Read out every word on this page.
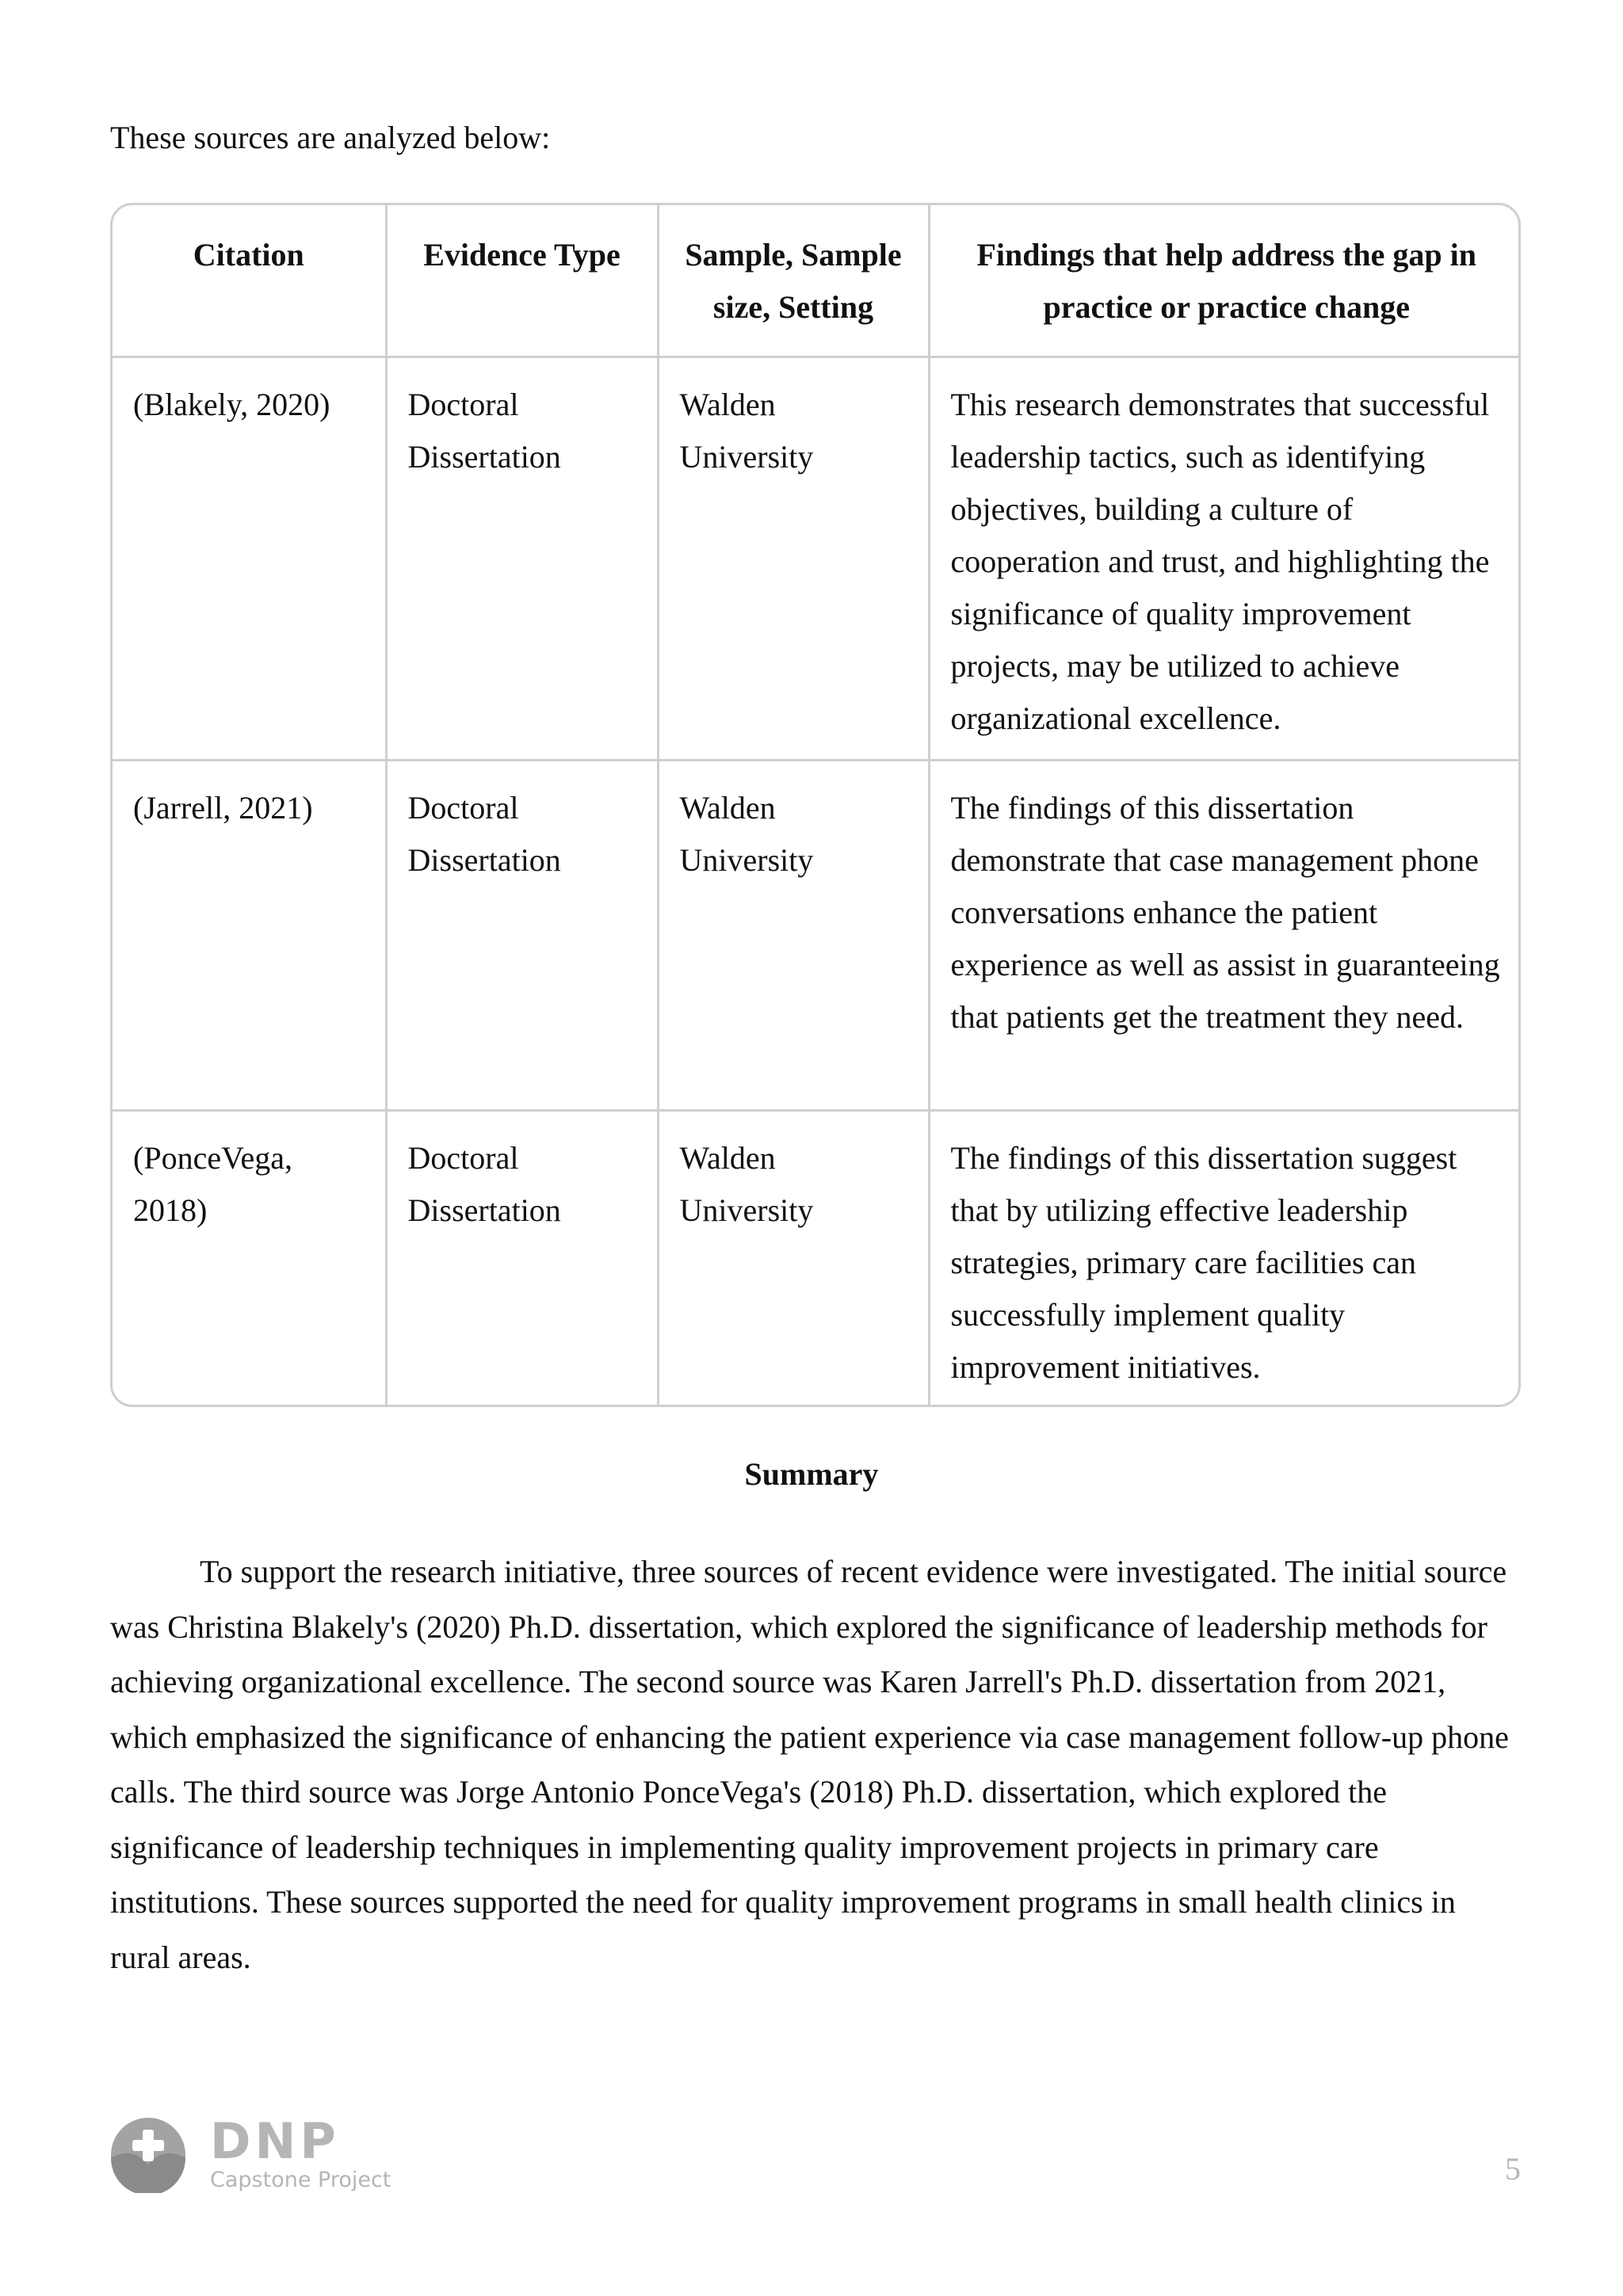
These sources are analyzed below:

Citation	Evidence Type	Sample, Sample size, Setting	Findings that help address the gap in practice or practice change
(Blakely, 2020)	Doctoral Dissertation	Walden University	This research demonstrates that successful leadership tactics, such as identifying objectives, building a culture of cooperation and trust, and highlighting the significance of quality improvement projects, may be utilized to achieve organizational excellence.
(Jarrell, 2021)	Doctoral Dissertation	Walden University	The findings of this dissertation demonstrate that case management phone conversations enhance the patient experience as well as assist in guaranteeing that patients get the treatment they need.
(PonceVega, 2018)	Doctoral Dissertation	Walden University	The findings of this dissertation suggest that by utilizing effective leadership strategies, primary care facilities can successfully implement quality improvement initiatives.
Summary

To support the research initiative, three sources of recent evidence were investigated. The initial source was Christina Blakely's (2020) Ph.D. dissertation, which explored the significance of leadership methods for achieving organizational excellence. The second source was Karen Jarrell's Ph.D. dissertation from 2021, which emphasized the significance of enhancing the patient experience via case management follow-up phone calls. The third source was Jorge Antonio PonceVega's (2018) Ph.D. dissertation, which explored the significance of leadership techniques in implementing quality improvement projects in primary care institutions. These sources supported the need for quality improvement programs in small health clinics in rural areas.

DNP
Capstone Project	5
